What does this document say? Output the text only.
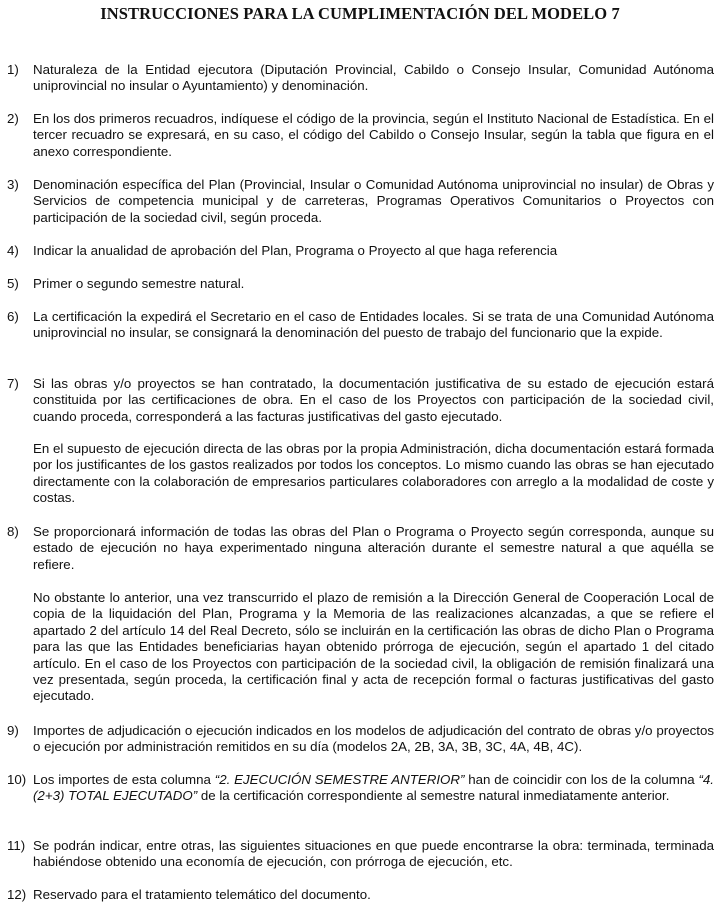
INSTRUCCIONES PARA LA CUMPLIMENTACIÓN DEL MODELO 7
1) Naturaleza de la Entidad ejecutora (Diputación Provincial, Cabildo o Consejo Insular, Comunidad Autónoma uniprovincial no insular o Ayuntamiento) y denominación.
2) En los dos primeros recuadros, indíquese el código de la provincia, según el Instituto Nacional de Estadística. En el tercer recuadro se expresará, en su caso, el código del Cabildo o Consejo Insular, según la tabla que figura en el anexo correspondiente.
3) Denominación específica del Plan (Provincial, Insular o Comunidad Autónoma uniprovincial no insular) de Obras y Servicios de competencia municipal y de carreteras, Programas Operativos Comunitarios o Proyectos con participación de la sociedad civil, según proceda.
4) Indicar la anualidad de aprobación del Plan, Programa o Proyecto al que haga referencia
5) Primer o segundo semestre natural.
6) La certificación la expedirá el Secretario en el caso de Entidades locales. Si se trata de una Comunidad Autónoma uniprovincial no insular, se consignará la denominación del puesto de trabajo del funcionario que la expide.
7) Si las obras y/o proyectos se han contratado, la documentación justificativa de su estado de ejecución estará constituida por las certificaciones de obra. En el caso de los Proyectos con participación de la sociedad civil, cuando proceda, corresponderá a las facturas justificativas del gasto ejecutado.
En el supuesto de ejecución directa de las obras por la propia Administración, dicha documentación estará formada por los justificantes de los gastos realizados por todos los conceptos. Lo mismo cuando las obras se han ejecutado directamente con la colaboración de empresarios particulares colaboradores con arreglo a la modalidad de coste y costas.
8) Se proporcionará información de todas las obras del Plan o Programa o Proyecto según corresponda, aunque su estado de ejecución no haya experimentado ninguna alteración durante el semestre natural a que aquélla se refiere.
No obstante lo anterior, una vez transcurrido el plazo de remisión a la Dirección General de Cooperación Local de copia de la liquidación del Plan, Programa y la Memoria de las realizaciones alcanzadas, a que se refiere el apartado 2 del artículo 14 del Real Decreto, sólo se incluirán en la certificación las obras de dicho Plan o Programa para las que las Entidades beneficiarias hayan obtenido prórroga de ejecución, según el apartado 1 del citado artículo. En el caso de los Proyectos con participación de la sociedad civil, la obligación de remisión finalizará una vez presentada, según proceda, la certificación final y acta de recepción formal o facturas justificativas del gasto ejecutado.
9) Importes de adjudicación o ejecución indicados en los modelos de adjudicación del contrato de obras y/o proyectos o ejecución por administración remitidos en su día (modelos 2A, 2B, 3A, 3B, 3C, 4A, 4B, 4C).
10) Los importes de esta columna “2. EJECUCIÓN SEMESTRE ANTERIOR” han de coincidir con los de la columna “4.(2+3) TOTAL EJECUTADO” de la certificación correspondiente al semestre natural inmediatamente anterior.
11) Se podrán indicar, entre otras, las siguientes situaciones en que puede encontrarse la obra: terminada, terminada habiéndose obtenido una economía de ejecución, con prórroga de ejecución, etc.
12) Reservado para el tratamiento telemático del documento.
